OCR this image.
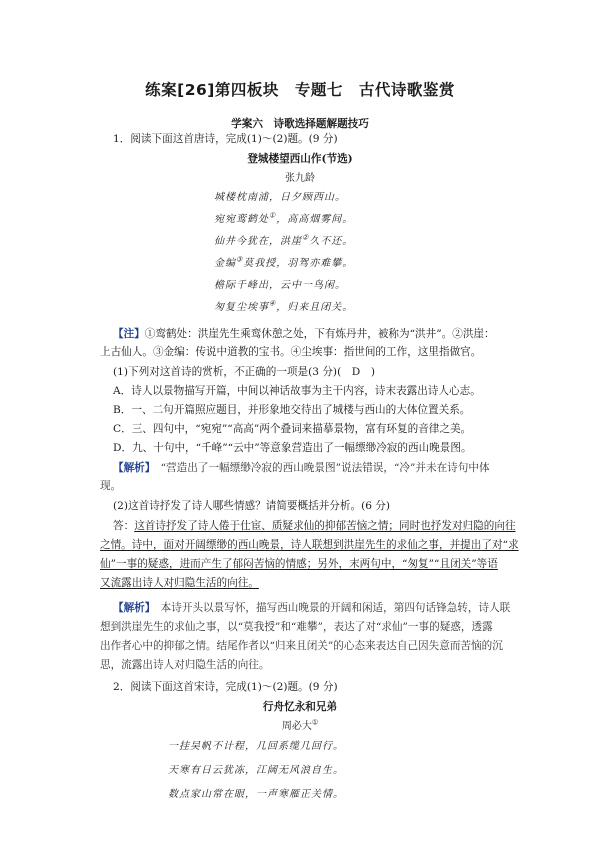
练案[26]第四板块　专题七　古代诗歌鉴赏
学案六　诗歌选择题解题技巧
1．阅读下面这首唐诗，完成(1)～(2)题。(9 分)
登城楼望西山作(节选)
张九龄
城楼枕南浦，日夕顾西山。
宛宛鸾鹤处①，高高烟雾间。
仙井今犹在，洪崖②久不还。
金编③莫我授，羽驾亦难攀。
檐际千峰出，云中一鸟闲。
匆复尘埃事④，归来且闭关。
【注】①鸾鹤处：洪崖先生乘鸾休憩之处，下有炼丹井，被称为“洪井”。②洪崖：
上古仙人。③金编：传说中道教的宝书。④尘埃事：指世间的工作，这里指做官。
(1)下列对这首诗的赏析，不正确的一项是(3 分)(　D　)
A．诗人以景物描写开篇，中间以神话故事为主干内容，诗末表露出诗人心志。
B．一、二句开篇照应题目，并形象地交待出了城楼与西山的大体位置关系。
C．三、四句中，“宛宛”“高高”两个叠词来描摹景物，富有环复的音律之美。
D．九、十句中，“千峰”“云中”等意象营造出了一幅缥缈冷寂的西山晚景图。
【解析】　 “营造出了一幅缥缈冷寂的西山晚景图”说法错误，“冷”并未在诗句中体
现。
(2)这首诗抒发了诗人哪些情感？请简要概括并分析。(6 分)
答：这首诗抒发了诗人倦于仕宦、质疑求仙的抑郁苦恼之情；同时也抒发对归隐的向往
之情。诗中，面对开阔缥缈的西山晚景，诗人联想到洪崖先生的求仙之事，并提出了对“求
仙”一事的疑惑，进而产生了郁闷苦恼的情感；另外，末两句中，“匆复”“且闭关”等语
又流露出诗人对归隐生活的向往。
【解析】　 本诗开头以景写怀，描写西山晚景的开阔和闲适，第四句话锋急转，诗人联
想到洪崖先生的求仙之事，以“莫我授”和“难攀”，表达了对“求仙”一事的疑惑，透露
出作者心中的抑郁之情。结尾作者以“归来且闭关”的心态来表达自己因失意而苦恼的沉
思，流露出诗人对归隐生活的向往。
2．阅读下面这首宋诗，完成(1)～(2)题。(9 分)
行舟忆永和兄弟
周必大①
一挂吴帆不计程，几回系缆几回行。
天寒有日云犹冻，江阔无风浪自生。
数点家山常在眼，一声寒雁正关情。
